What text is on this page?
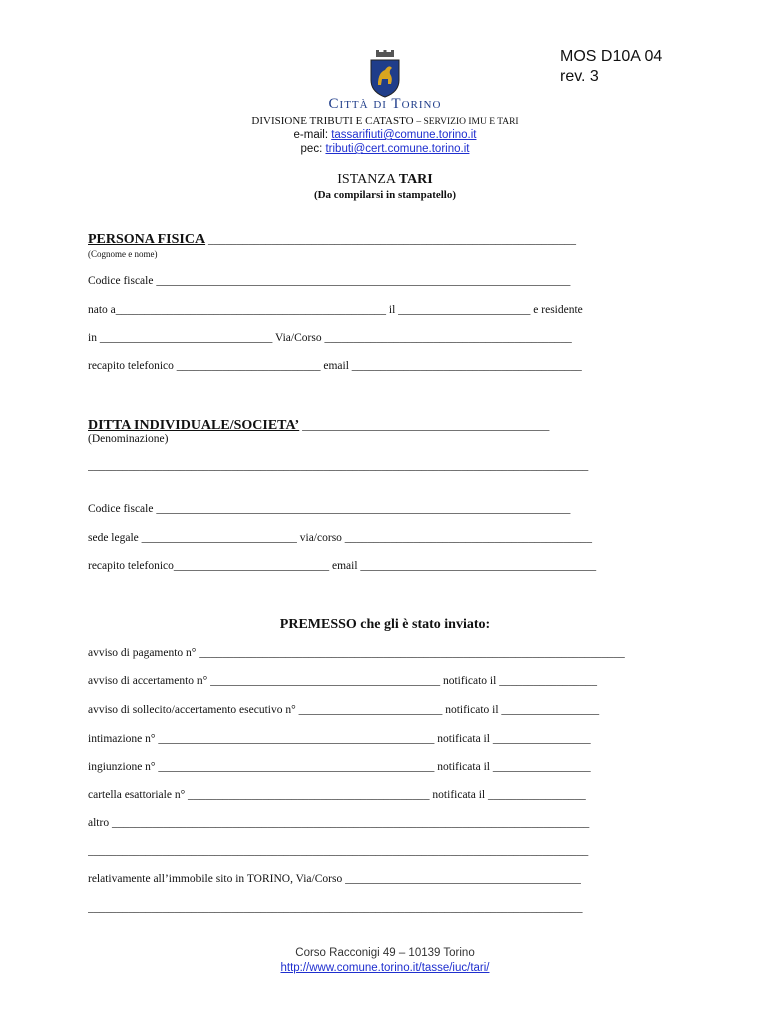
MOS D10A 04
rev. 3
Città di Torino
DIVISIONE TRIBUTI E CATASTO – SERVIZIO IMU E TARI
e-mail: tassarifiuti@comune.torino.it
pec: tributi@cert.comune.torino.it
ISTANZA TARI
(Da compilarsi in stampatello)
PERSONA FISICA ________________________________________________________________
(Cognome e nome)
Codice fiscale ________________________________________________________________________
nato a_______________________________________________ il _______________________ e residente
in ______________________________ Via/Corso ___________________________________________
recapito telefonico _________________________ email ________________________________________
DITTA INDIVIDUALE/SOCIETA’ ___________________________________________
(Denominazione)
_______________________________________________________________________________________
Codice fiscale ________________________________________________________________________
sede legale ___________________________ via/corso ___________________________________________
recapito telefonico___________________________ email _________________________________________
PREMESSO che gli è stato inviato:
avviso di pagamento n° __________________________________________________________________________
avviso di accertamento n° ________________________________________ notificato il _________________
avviso di sollecito/accertamento esecutivo n° _________________________ notificato il _________________
intimazione n° ________________________________________________ notificata il _________________
ingiunzione n° ________________________________________________ notificata il _________________
cartella esattoriale n° __________________________________________ notificata il _________________
altro ___________________________________________________________________________________
_______________________________________________________________________________________
relativamente all’immobile sito in TORINO, Via/Corso _________________________________________
______________________________________________________________________________________
Corso Racconigi 49 – 10139 Torino
http://www.comune.torino.it/tasse/iuc/tari/
